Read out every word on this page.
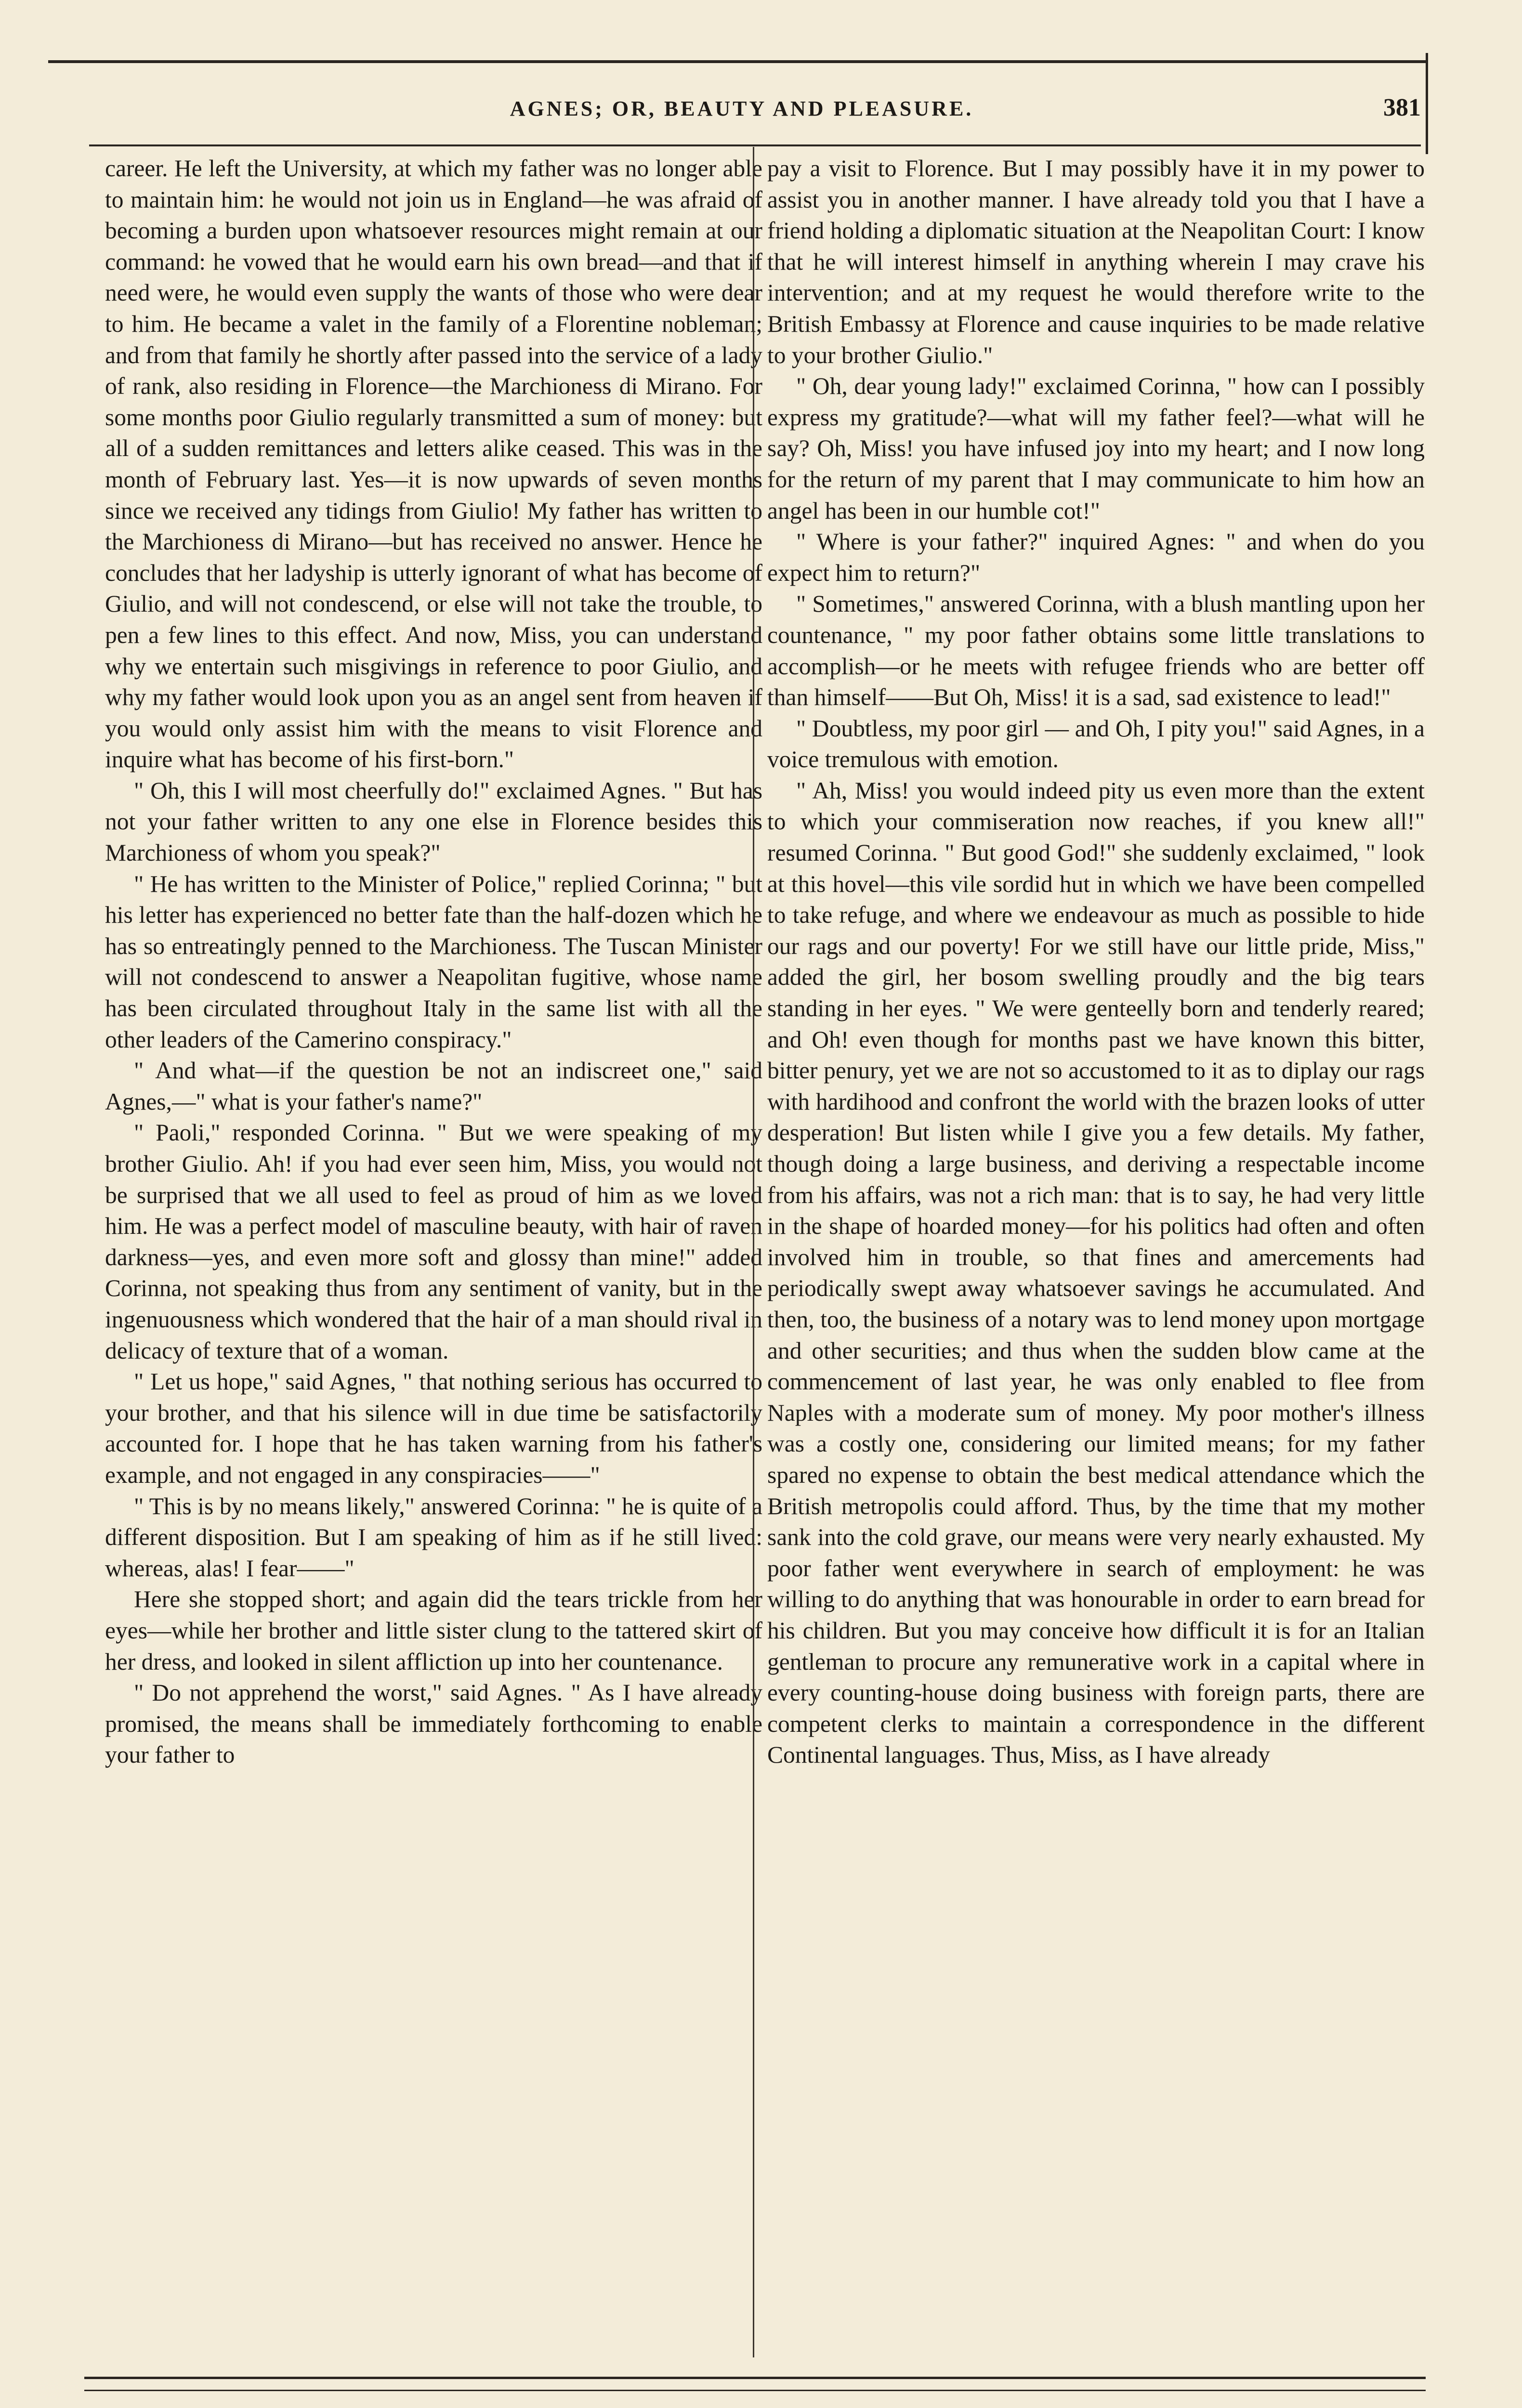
AGNES; OR, BEAUTY AND PLEASURE.	381

career. He left the University, at which my father was no longer able to maintain him: he would not join us in England—he was afraid of becoming a burden upon whatsoever resources might remain at our command: he vowed that he would earn his own bread—and that if need were, he would even supply the wants of those who were dear to him. He became a valet in the family of a Florentine nobleman; and from that family he shortly after passed into the service of a lady of rank, also residing in Florence—the Marchioness di Mirano. For some months poor Giulio regularly transmitted a sum of money: but all of a sudden remittances and letters alike ceased. This was in the month of February last. Yes—it is now upwards of seven months since we received any tidings from Giulio! My father has written to the Marchioness di Mirano—but has received no answer. Hence he concludes that her ladyship is utterly ignorant of what has become of Giulio, and will not condescend, or else will not take the trouble, to pen a few lines to this effect. And now, Miss, you can understand why we entertain such misgivings in reference to poor Giulio, and why my father would look upon you as an angel sent from heaven if you would only assist him with the means to visit Florence and inquire what has become of his first-born."

" Oh, this I will most cheerfully do!" exclaimed Agnes. " But has not your father written to any one else in Florence besides this Marchioness of whom you speak?"

" He has written to the Minister of Police," replied Corinna; " but his letter has experienced no better fate than the half-dozen which he has so entreatingly penned to the Marchioness. The Tuscan Minister will not condescend to answer a Neapolitan fugitive, whose name has been circulated throughout Italy in the same list with all the other leaders of the Camerino conspiracy."

" And what—if the question be not an indiscreet one," said Agnes,—" what is your father's name?"

" Paoli," responded Corinna. " But we were speaking of my brother Giulio. Ah! if you had ever seen him, Miss, you would not be surprised that we all used to feel as proud of him as we loved him. He was a perfect model of masculine beauty, with hair of raven darkness—yes, and even more soft and glossy than mine!" added Corinna, not speaking thus from any sentiment of vanity, but in the ingenuousness which wondered that the hair of a man should rival in delicacy of texture that of a woman.

" Let us hope," said Agnes, " that nothing serious has occurred to your brother, and that his silence will in due time be satisfactorily accounted for. I hope that he has taken warning from his father's example, and not engaged in any conspiracies——"

" This is by no means likely," answered Corinna: " he is quite of a different disposition. But I am speaking of him as if he still lived: whereas, alas! I fear——"

Here she stopped short; and again did the tears trickle from her eyes—while her brother and little sister clung to the tattered skirt of her dress, and looked in silent affliction up into her countenance.

" Do not apprehend the worst," said Agnes. " As I have already promised, the means shall be immediately forthcoming to enable your father to

pay a visit to Florence. But I may possibly have it in my power to assist you in another manner. I have already told you that I have a friend holding a diplomatic situation at the Neapolitan Court: I know that he will interest himself in anything wherein I may crave his intervention; and at my request he would therefore write to the British Embassy at Florence and cause inquiries to be made relative to your brother Giulio."

" Oh, dear young lady!" exclaimed Corinna, " how can I possibly express my gratitude?—what will my father feel?—what will he say? Oh, Miss! you have infused joy into my heart; and I now long for the return of my parent that I may communicate to him how an angel has been in our humble cot!"

" Where is your father?" inquired Agnes: " and when do you expect him to return?"

" Sometimes," answered Corinna, with a blush mantling upon her countenance, " my poor father obtains some little translations to accomplish—or he meets with refugee friends who are better off than himself——But Oh, Miss! it is a sad, sad existence to lead!"

" Doubtless, my poor girl — and Oh, I pity you!" said Agnes, in a voice tremulous with emotion.

" Ah, Miss! you would indeed pity us even more than the extent to which your commiseration now reaches, if you knew all!" resumed Corinna. " But good God!" she suddenly exclaimed, " look at this hovel—this vile sordid hut in which we have been compelled to take refuge, and where we endeavour as much as possible to hide our rags and our poverty! For we still have our little pride, Miss," added the girl, her bosom swelling proudly and the big tears standing in her eyes. " We were genteelly born and tenderly reared; and Oh! even though for months past we have known this bitter, bitter penury, yet we are not so accustomed to it as to diplay our rags with hardihood and confront the world with the brazen looks of utter desperation! But listen while I give you a few details. My father, though doing a large business, and deriving a respectable income from his affairs, was not a rich man: that is to say, he had very little in the shape of hoarded money—for his politics had often and often involved him in trouble, so that fines and amercements had periodically swept away whatsoever savings he accumulated. And then, too, the business of a notary was to lend money upon mortgage and other securities; and thus when the sudden blow came at the commencement of last year, he was only enabled to flee from Naples with a moderate sum of money. My poor mother's illness was a costly one, considering our limited means; for my father spared no expense to obtain the best medical attendance which the British metropolis could afford. Thus, by the time that my mother sank into the cold grave, our means were very nearly exhausted. My poor father went everywhere in search of employment: he was willing to do anything that was honourable in order to earn bread for his children. But you may conceive how difficult it is for an Italian gentleman to procure any remunerative work in a capital where in every counting-house doing business with foreign parts, there are competent clerks to maintain a correspondence in the different Continental languages. Thus, Miss, as I have already
